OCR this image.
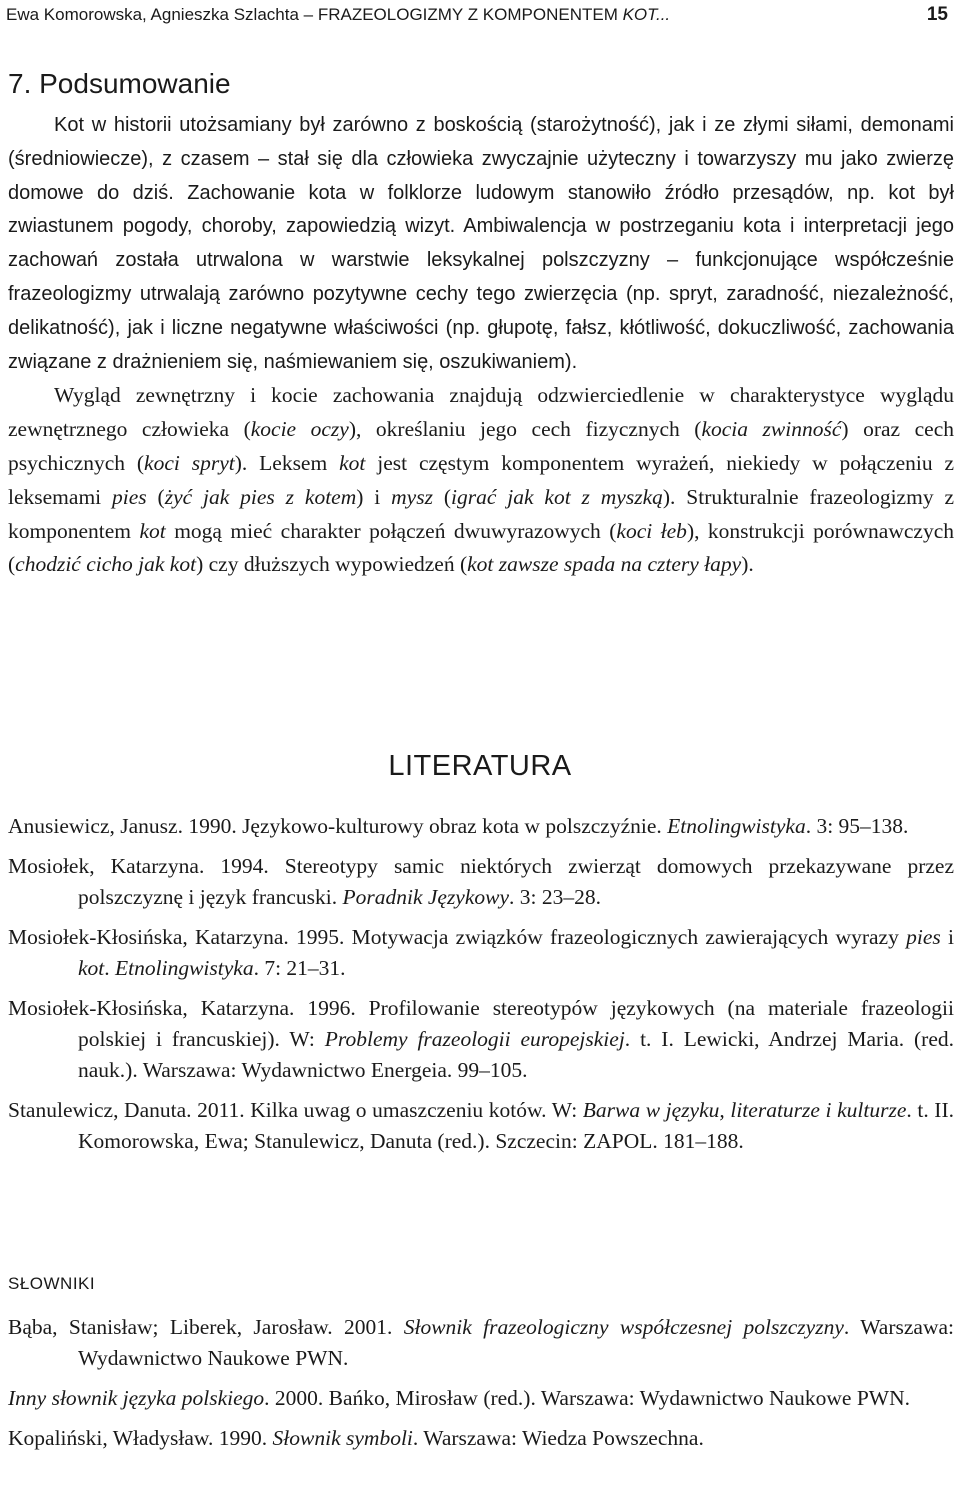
Ewa Komorowska, Agnieszka Szlachta – FRAZEOLOGIZMY Z KOMPONENTEM KOT...	15
7. Podsumowanie

Kot w historii utożsamiany był zarówno z boskością (starożytność), jak i ze złymi siłami, demonami (średniowiecze), z czasem – stał się dla człowieka zwyczajnie użyteczny i towarzyszy mu jako zwierzę domowe do dziś. Zachowanie kota w folklorze ludowym stanowiło źródło przesądów, np. kot był zwiastunem pogody, choroby, zapowiedzią wizyt. Ambiwalencja w postrzeganiu kota i interpretacji jego zachowań została utrwalona w warstwie leksykalnej polszczyzny – funkcjonujące współcześnie frazeologizmy utrwalają zarówno pozytywne cechy tego zwierzęcia (np. spryt, zaradność, niezależność, delikatność), jak i liczne negatywne właściwości (np. głupotę, fałsz, kłótliwość, dokuczliwość, zachowania związane z drażnieniem się, naśmiewaniem się, oszukiwaniem).

Wygląd zewnętrzny i kocie zachowania znajdują odzwierciedlenie w charakterystyce wyglądu zewnętrznego człowieka (kocie oczy), określaniu jego cech fizycznych (kocia zwinność) oraz cech psychicznych (koci spryt). Leksem kot jest częstym komponentem wyrażeń, niekiedy w połączeniu z leksemami pies (żyć jak pies z kotem) i mysz (igrać jak kot z myszką). Strukturalnie frazeologizmy z komponentem kot mogą mieć charakter połączeń dwuwyrazowych (koci łeb), konstrukcji porównawczych (chodzić cicho jak kot) czy dłuższych wypowiedzeń (kot zawsze spada na cztery łapy).

LITERATURA

Anusiewicz, Janusz. 1990. Językowo-kulturowy obraz kota w polszczyźnie. Etnolingwistyka. 3: 95–138.

Mosiołek, Katarzyna. 1994. Stereotypy samic niektórych zwierząt domowych przekazywane przez polszczyznę i język francuski. Poradnik Językowy. 3: 23–28.

Mosiołek-Kłosińska, Katarzyna. 1995. Motywacja związków frazeologicznych zawierających wyrazy pies i kot. Etnolingwistyka. 7: 21–31.

Mosiołek-Kłosińska, Katarzyna. 1996. Profilowanie stereotypów językowych (na materiale frazeologii polskiej i francuskiej). W: Problemy frazeologii europejskiej. t. I. Lewicki, Andrzej Maria. (red. nauk.). Warszawa: Wydawnictwo Energeia. 99–105.

Stanulewicz, Danuta. 2011. Kilka uwag o umaszczeniu kotów. W: Barwa w języku, literaturze i kulturze. t. II. Komorowska, Ewa; Stanulewicz, Danuta (red.). Szczecin: ZAPOL. 181–188.

SŁOWNIKI

Bąba, Stanisław; Liberek, Jarosław. 2001. Słownik frazeologiczny współczesnej polszczyzny. Warszawa: Wydawnictwo Naukowe PWN.

Inny słownik języka polskiego. 2000. Bańko, Mirosław (red.). Warszawa: Wydawnictwo Naukowe PWN.

Kopaliński, Władysław. 1990. Słownik symboli. Warszawa: Wiedza Powszechna.
